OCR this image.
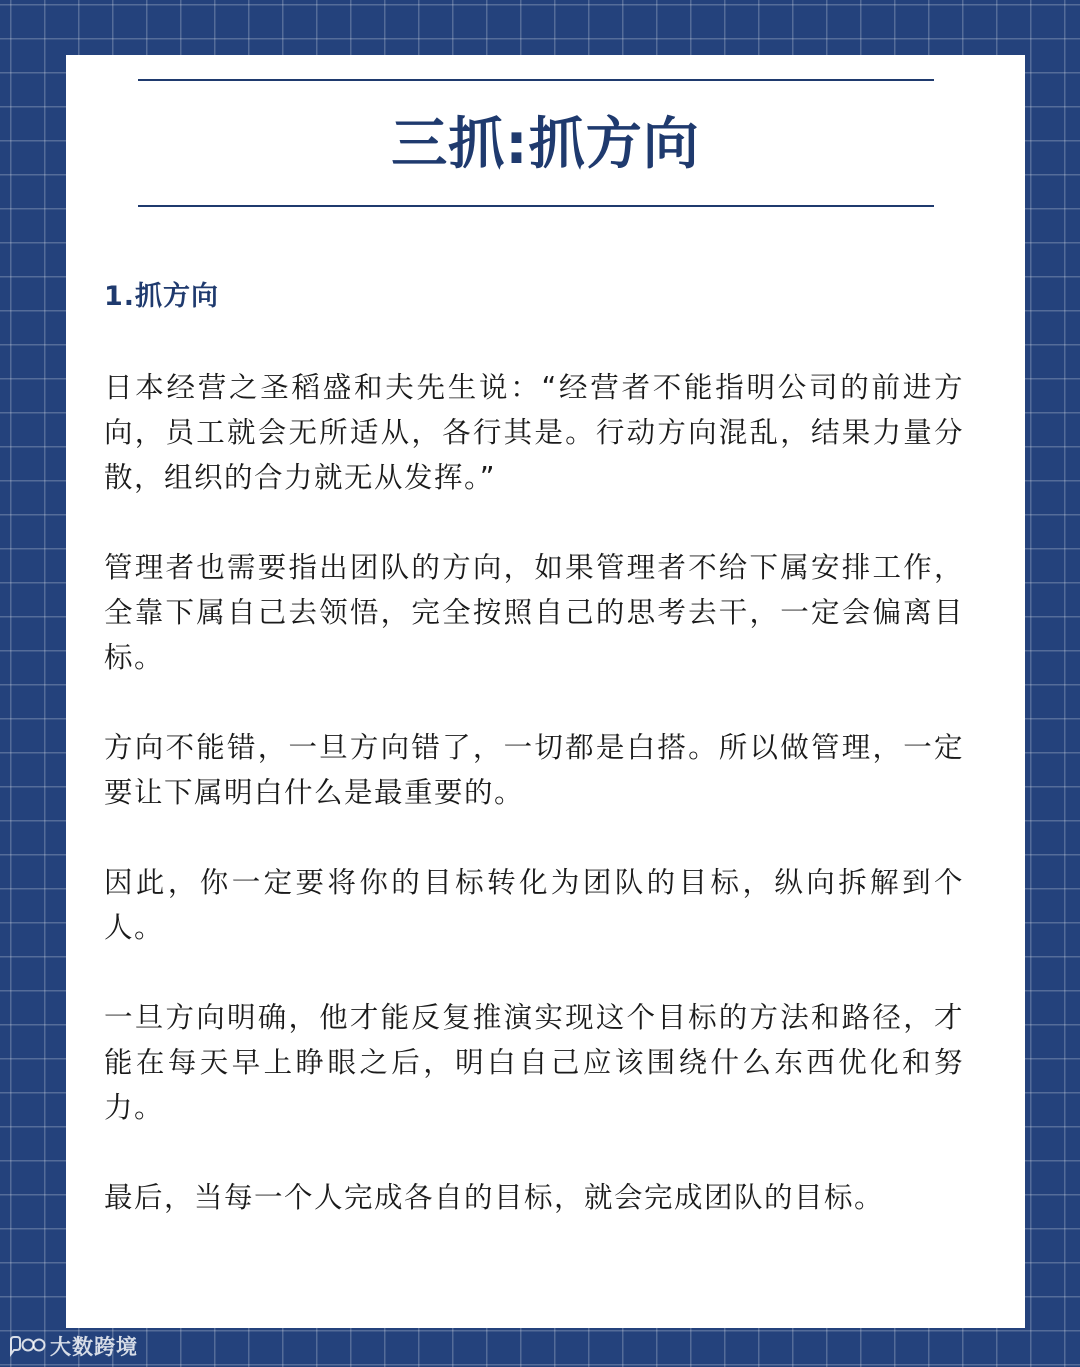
三抓:抓方向
1.抓方向

日本经营之圣稻盛和夫先生说：“经营者不能指明公司的前进方向，员工就会无所适从，各行其是。行动方向混乱，结果力量分散，组织的合力就无从发挥。”

管理者也需要指出团队的方向，如果管理者不给下属安排工作，全靠下属自己去领悟，完全按照自己的思考去干，一定会偏离目标。

方向不能错，一旦方向错了，一切都是白搭。所以做管理，一定要让下属明白什么是最重要的。

因此，你一定要将你的目标转化为团队的目标，纵向拆解到个人。

一旦方向明确，他才能反复推演实现这个目标的方法和路径，才能在每天早上睁眼之后，明白自己应该围绕什么东西优化和努力。

最后，当每一个人完成各自的目标，就会完成团队的目标。

大数跨境
